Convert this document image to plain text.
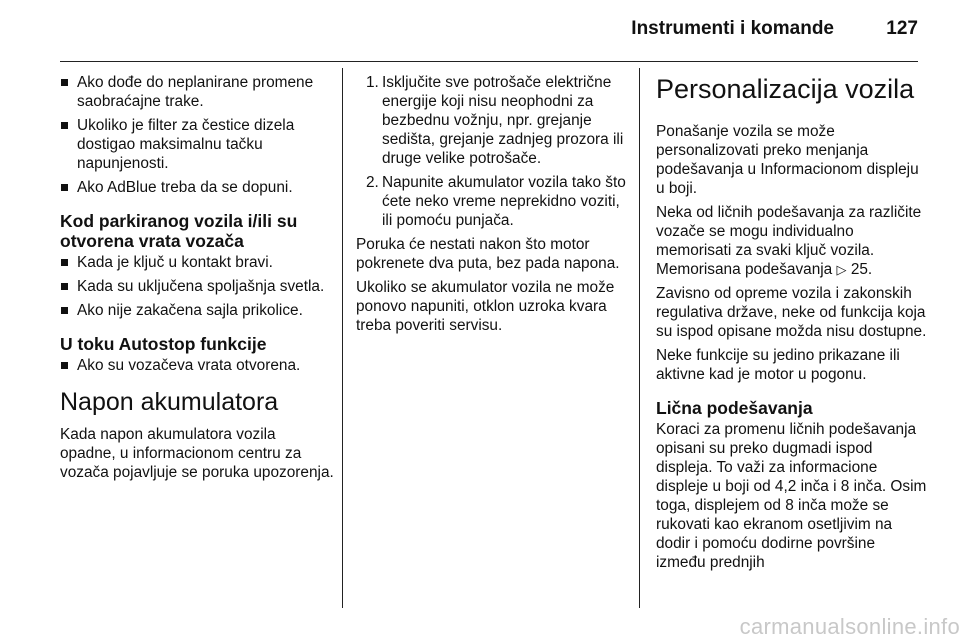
Instrumenti i komande	127
Ako dođe do neplanirane promene saobraćajne trake.
Ukoliko je filter za čestice dizela dostigao maksimalnu tačku napunjenosti.
Ako AdBlue treba da se dopuni.
Kod parkiranog vozila i/ili su otvorena vrata vozača
Kada je ključ u kontakt bravi.
Kada su uključena spoljašnja svetla.
Ako nije zakačena sajla prikolice.
U toku Autostop funkcije
Ako su vozačeva vrata otvorena.
Napon akumulatora

Kada napon akumulatora vozila opadne, u informacionom centru za vozača pojavljuje se poruka upozorenja.

1. Isključite sve potrošače električne energije koji nisu neophodni za bezbednu vožnju, npr. grejanje sedišta, grejanje zadnjeg prozora ili druge velike potrošače.
2. Napunite akumulator vozila tako što ćete neko vreme neprekidno voziti, ili pomoću punjača.

Poruka će nestati nakon što motor pokrenete dva puta, bez pada napona.

Ukoliko se akumulator vozila ne može ponovo napuniti, otklon uzroka kvara treba poveriti servisu.

Personalizacija vozila

Ponašanje vozila se može personalizovati preko menjanja podešavanja u Informacionom displeju u boji.

Neka od ličnih podešavanja za različite vozače se mogu individualno memorisati za svaki ključ vozila. Memorisana podešavanja ▷ 25.

Zavisno od opreme vozila i zakonskih regulativa države, neke od funkcija koja su ispod opisane možda nisu dostupne.

Neke funkcije su jedino prikazane ili aktivne kad je motor u pogonu.

Lična podešavanja

Koraci za promenu ličnih podešavanja opisani su preko dugmadi ispod displeja. To važi za informacione displeje u boji od 4,2 inča i 8 inča. Osim toga, displejem od 8 inča može se rukovati kao ekranom osetljivim na dodir i pomoću dodirne površine između prednjih

carmanualsonline.info
